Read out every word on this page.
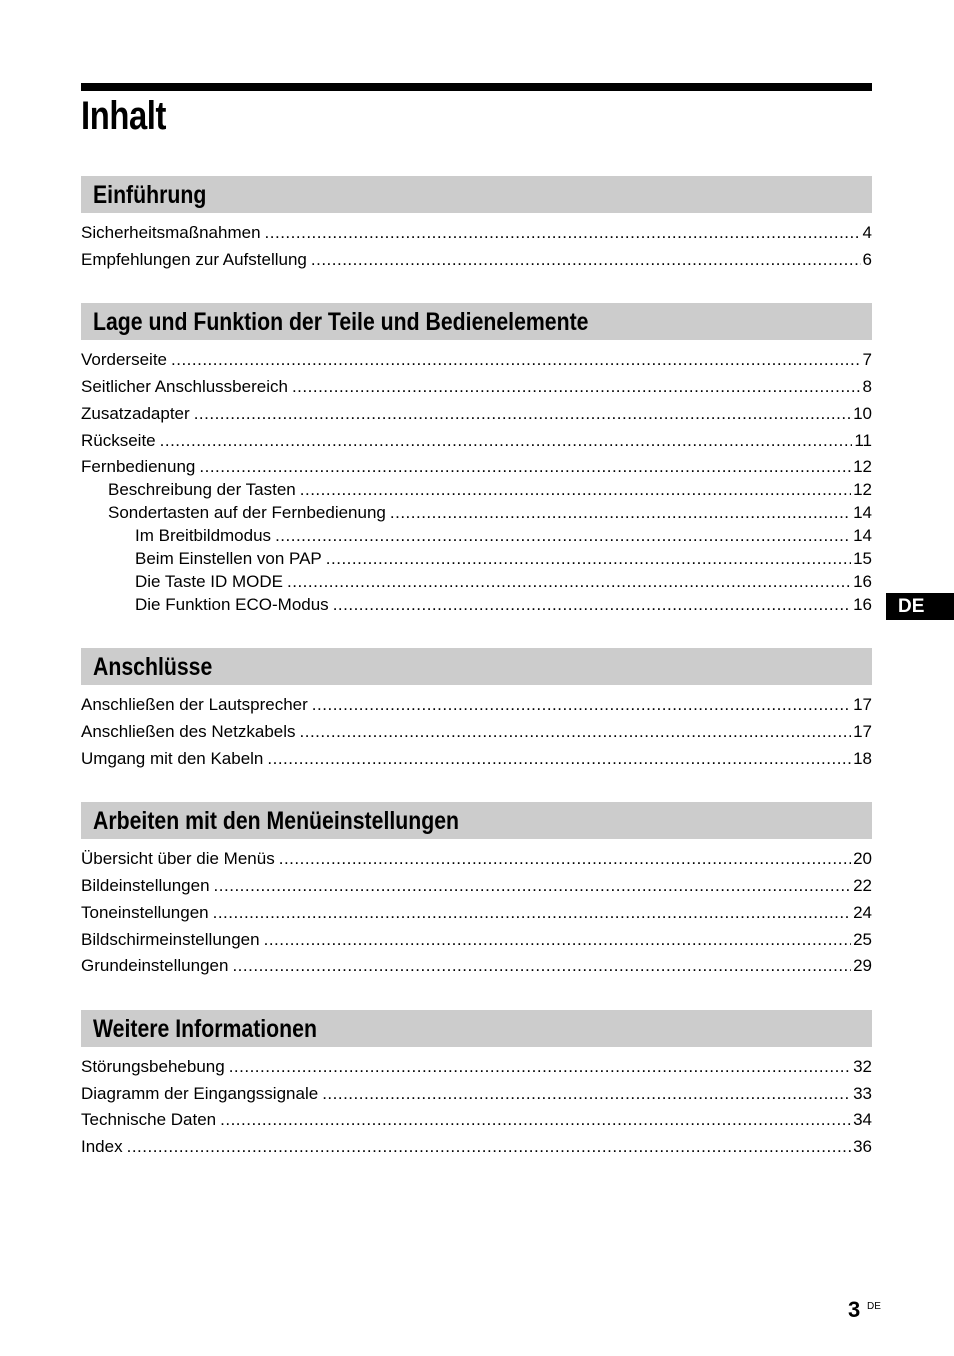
Inhalt
Einführung
Sicherheitsmaßnahmen .....	4
Empfehlungen zur Aufstellung .....	6
Lage und Funktion der Teile und Bedienelemente
Vorderseite .....	7
Seitlicher Anschlussbereich .....	8
Zusatzadapter .....	10
Rückseite .....	11
Fernbedienung .....	12
Beschreibung der Tasten .....	12
Sondertasten auf der Fernbedienung .....	14
Im Breitbildmodus .....	14
Beim Einstellen von PAP .....	15
Die Taste ID MODE .....	16
Die Funktion ECO-Modus .....	16
Anschlüsse
Anschließen der Lautsprecher .....	17
Anschließen des Netzkabels .....	17
Umgang mit den Kabeln .....	18
Arbeiten mit den Menüeinstellungen
Übersicht über die Menüs .....	20
Bildeinstellungen .....	22
Toneinstellungen .....	24
Bildschirmeinstellungen .....	25
Grundeinstellungen .....	29
Weitere Informationen
Störungsbehebung .....	32
Diagramm der Eingangssignale .....	33
Technische Daten .....	34
Index .....	36
DE
3 DE
